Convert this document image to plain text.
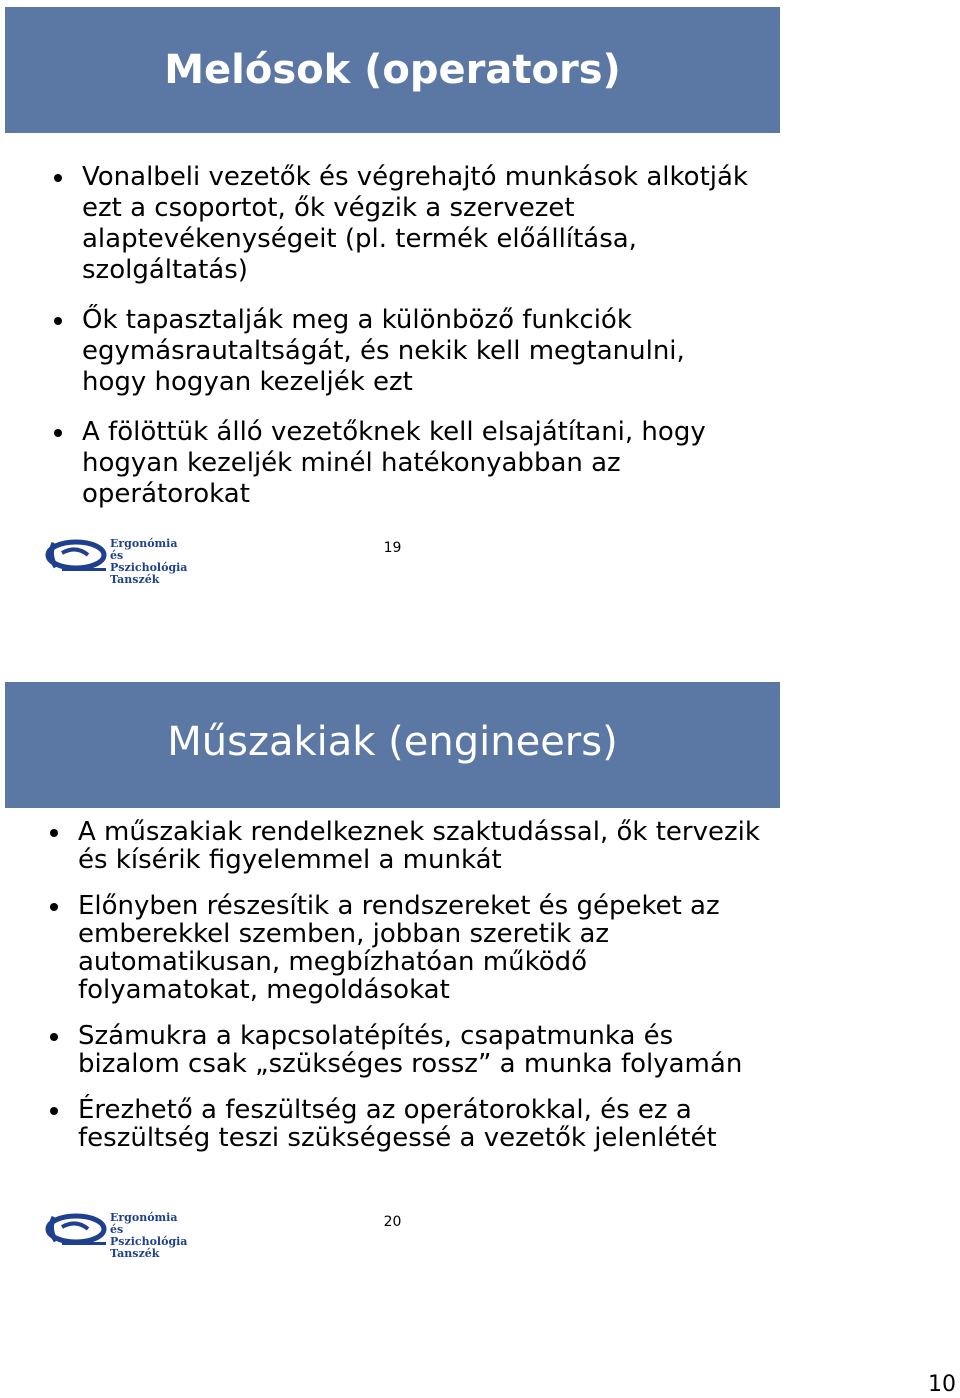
Melósok (operators)
Vonalbeli vezetők és végrehajtó munkások alkotják ezt a csoportot, ők végzik a szervezet alaptevékenységeit (pl. termék előállítása, szolgáltatás)
Ők tapasztalják meg a különböző funkciók egymásrautaltságát, és nekik kell megtanulni, hogy hogyan kezeljék ezt
A fölöttük álló vezetőknek kell elsajátítani, hogy hogyan kezeljék minél hatékonyabban az operátorokat
Ergonómia és
Pszichológia
Tanszék
19
Műszakiak (engineers)
A műszakiak rendelkeznek szaktudással, ők tervezik és kísérik figyelemmel a munkát
Előnyben részesítik a rendszereket és gépeket az emberekkel szemben, jobban szeretik az automatikusan, megbízhatóan működő folyamatokat, megoldásokat
Számukra a kapcsolatépítés, csapatmunka és bizalom csak „szükséges rossz” a munka folyamán
Érezhető a feszültség az operátorokkal, és ez a feszültség teszi szükségessé a vezetők jelenlétét
Ergonómia és
Pszichológia
Tanszék
20
10
